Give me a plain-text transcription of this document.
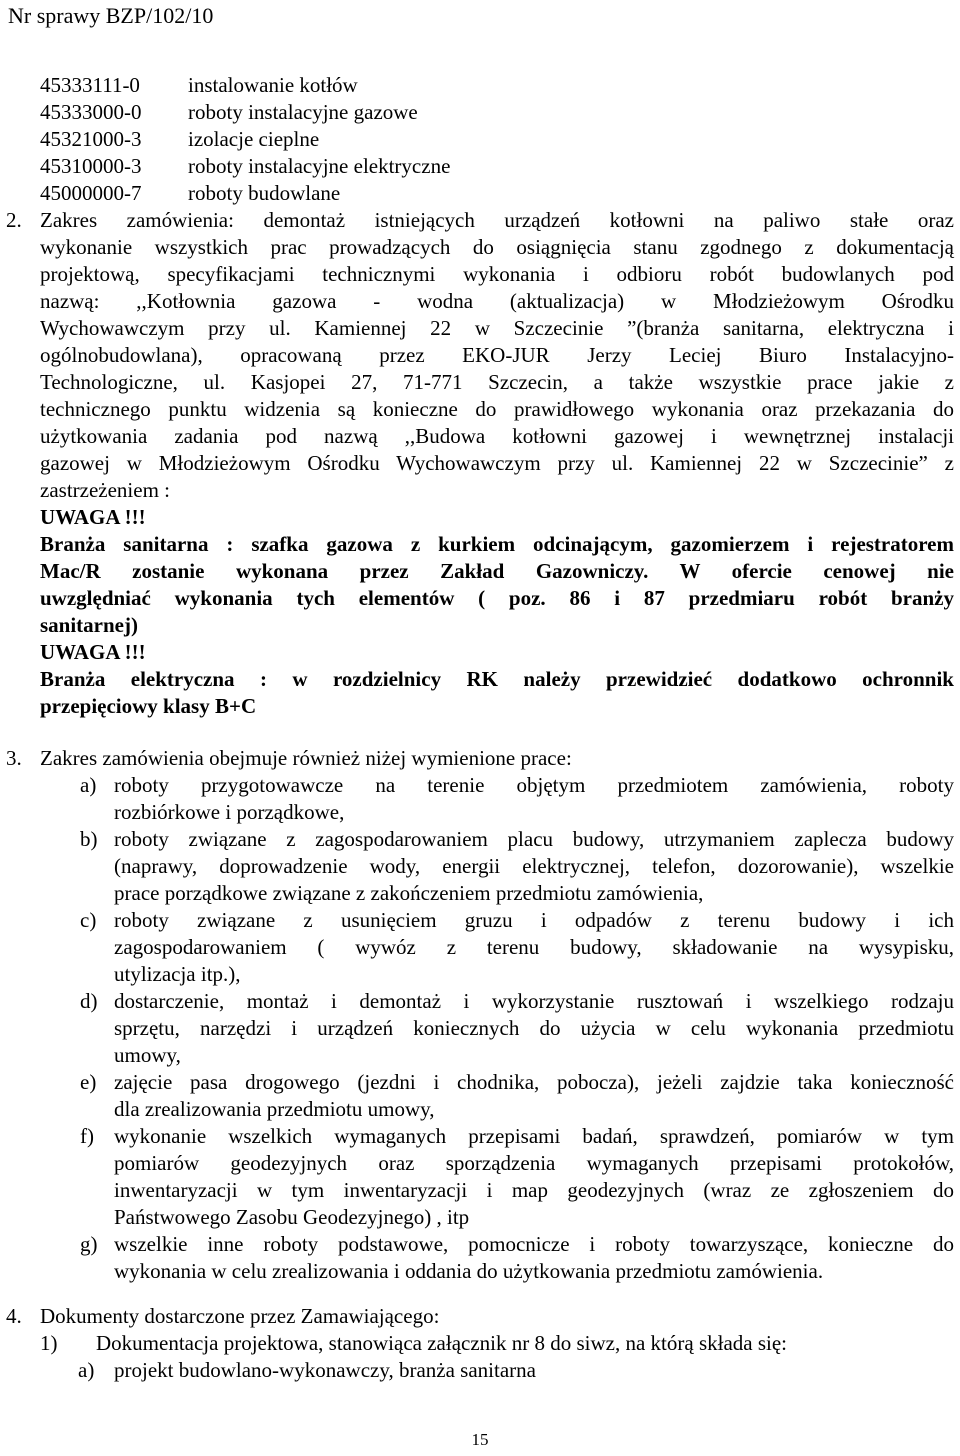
Nr sprawy BZP/102/10
45333111-0 instalowanie kotłów
45333000-0 roboty instalacyjne gazowe
45321000-3 izolacje cieplne
45310000-3 roboty instalacyjne elektryczne
45000000-7 roboty budowlane
2. Zakres zamówienia: demontaż istniejących urządzeń kotłowni na paliwo stałe oraz
wykonanie wszystkich prac prowadzących do osiągnięcia stanu zgodnego z dokumentacją
projektową, specyfikacjami technicznymi wykonania i odbioru robót budowlanych pod
nazwą: ,,Kotłownia gazowa - wodna (aktualizacja) w Młodzieżowym Ośrodku
Wychowawczym przy ul. Kamiennej 22 w Szczecinie ”(branża sanitarna, elektryczna i
ogólnobudowlana), opracowaną przez EKO-JUR Jerzy Leciej Biuro Instalacyjno-
Technologiczne, ul. Kasjopei 27, 71-771 Szczecin, a także wszystkie prace jakie z
technicznego punktu widzenia są konieczne do prawidłowego wykonania oraz przekazania do
użytkowania zadania pod nazwą ,,Budowa kotłowni gazowej i wewnętrznej instalacji
gazowej w Młodzieżowym Ośrodku Wychowawczym przy ul. Kamiennej 22 w Szczecinie” z
zastrzeżeniem :
UWAGA !!!
Branża sanitarna : szafka gazowa z kurkiem odcinającym, gazomierzem i rejestratorem
Mac/R zostanie wykonana przez Zakład Gazowniczy. W ofercie cenowej nie
uwzględniać wykonania tych elementów ( poz. 86 i 87 przedmiaru robót branży
sanitarnej)
UWAGA !!!
Branża elektryczna : w rozdzielnicy RK należy przewidzieć dodatkowo ochronnik
przepięciowy klasy B+C
3. Zakres zamówienia obejmuje również niżej wymienione prace:
a) roboty przygotowawcze na terenie objętym przedmiotem zamówienia, roboty
rozbiórkowe i porządkowe,
b) roboty związane z zagospodarowaniem placu budowy, utrzymaniem zaplecza budowy
(naprawy, doprowadzenie wody, energii elektrycznej, telefon, dozorowanie), wszelkie
prace porządkowe związane z zakończeniem przedmiotu zamówienia,
c) roboty związane z usunięciem gruzu i odpadów z terenu budowy i ich
zagospodarowaniem ( wywóz z terenu budowy, składowanie na wysypisku,
utylizacja itp.),
d) dostarczenie, montaż i demontaż i wykorzystanie rusztowań i wszelkiego rodzaju
sprzętu, narzędzi i urządzeń koniecznych do użycia w celu wykonania przedmiotu
umowy,
e) zajęcie pasa drogowego (jezdni i chodnika, pobocza), jeżeli zajdzie taka konieczność
dla zrealizowania przedmiotu umowy,
f) wykonanie wszelkich wymaganych przepisami badań, sprawdzeń, pomiarów w tym
pomiarów geodezyjnych oraz sporządzenia wymaganych przepisami protokołów,
inwentaryzacji w tym inwentaryzacji i map geodezyjnych (wraz ze zgłoszeniem do
Państwowego Zasobu Geodezyjnego) , itp
g) wszelkie inne roboty podstawowe, pomocnicze i roboty towarzyszące, konieczne do
wykonania w celu zrealizowania i oddania do użytkowania przedmiotu zamówienia.
4. Dokumenty dostarczone przez Zamawiającego:
1) Dokumentacja projektowa, stanowiąca załącznik nr 8 do siwz, na którą składa się:
a) projekt budowlano-wykonawczy, branża sanitarna
15
